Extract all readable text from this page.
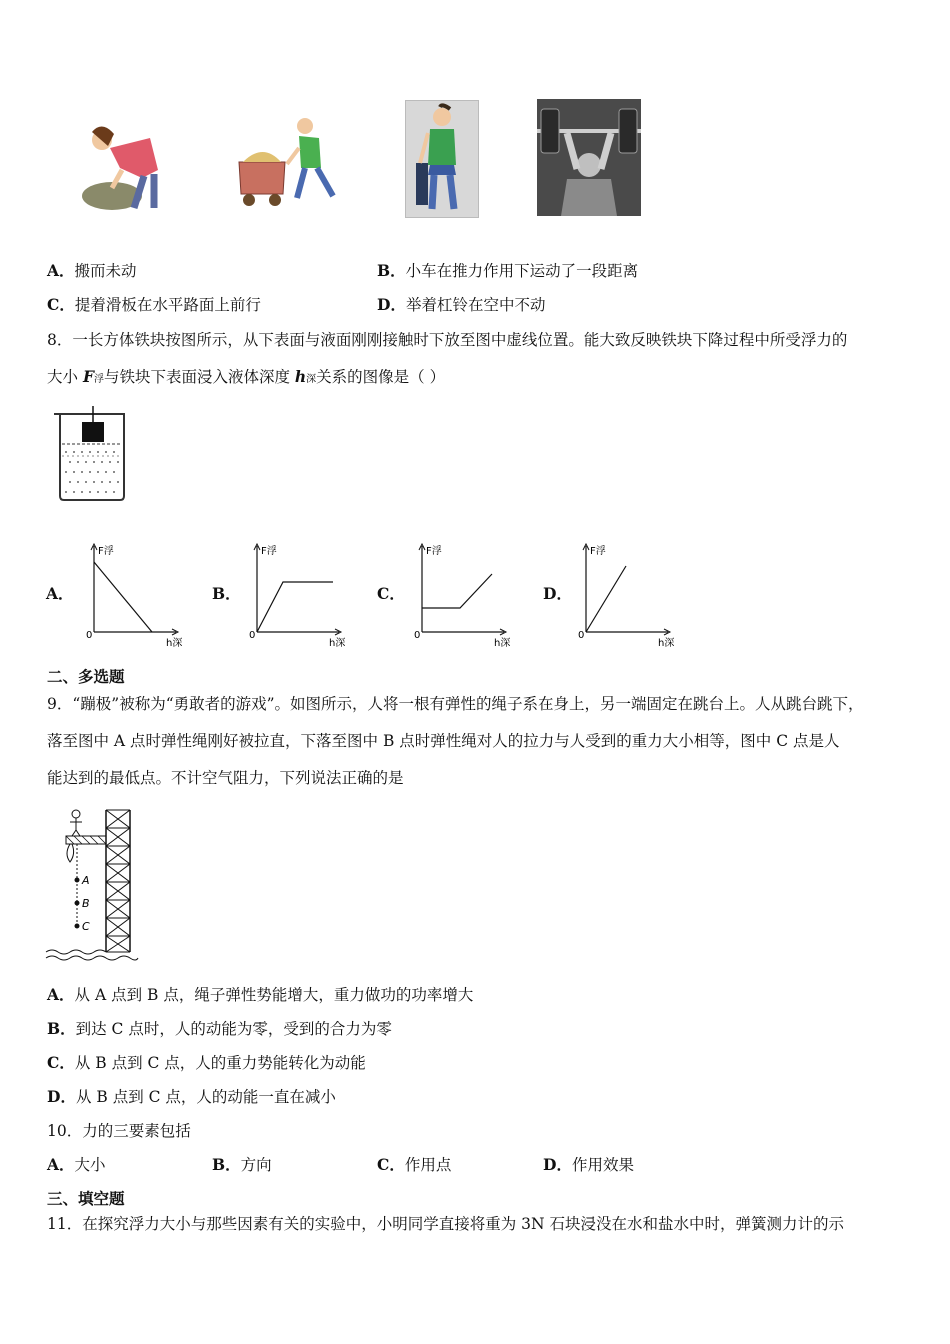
A．搬而未动	B．小车在推力作用下运动了一段距离
C．提着滑板在水平路面上前行	D．举着杠铃在空中不动
8．一长方体铁块按图所示，从下表面与液面刚刚接触时下放至图中虚线位置。能大致反映铁块下降过程中所受浮力的
大小 F浮与铁块下表面浸入液体深度 h深关系的图像是（ ）
A．	B．	C．	D．
F浮
h深
0
F浮
h深
0
F浮
h深
0
F浮
h深
0
二、多选题
9．“蹦极”被称为“勇敢者的游戏”。如图所示，人将一根有弹性的绳子系在身上，另一端固定在跳台上。人从跳台跳下，
落至图中 A 点时弹性绳刚好被拉直，下落至图中 B 点时弹性绳对人的拉力与人受到的重力大小相等，图中 C 点是人
能达到的最低点。不计空气阻力，下列说法正确的是
A
B
C
A．从 A 点到 B 点，绳子弹性势能增大，重力做功的功率增大
B．到达 C 点时，人的动能为零，受到的合力为零
C．从 B 点到 C 点，人的重力势能转化为动能
D．从 B 点到 C 点，人的动能一直在减小
10．力的三要素包括
A．大小	B．方向	C．作用点	D．作用效果
三、填空题
11．在探究浮力大小与那些因素有关的实验中，小明同学直接将重为 3N 石块浸没在水和盐水中时，弹簧测力计的示
